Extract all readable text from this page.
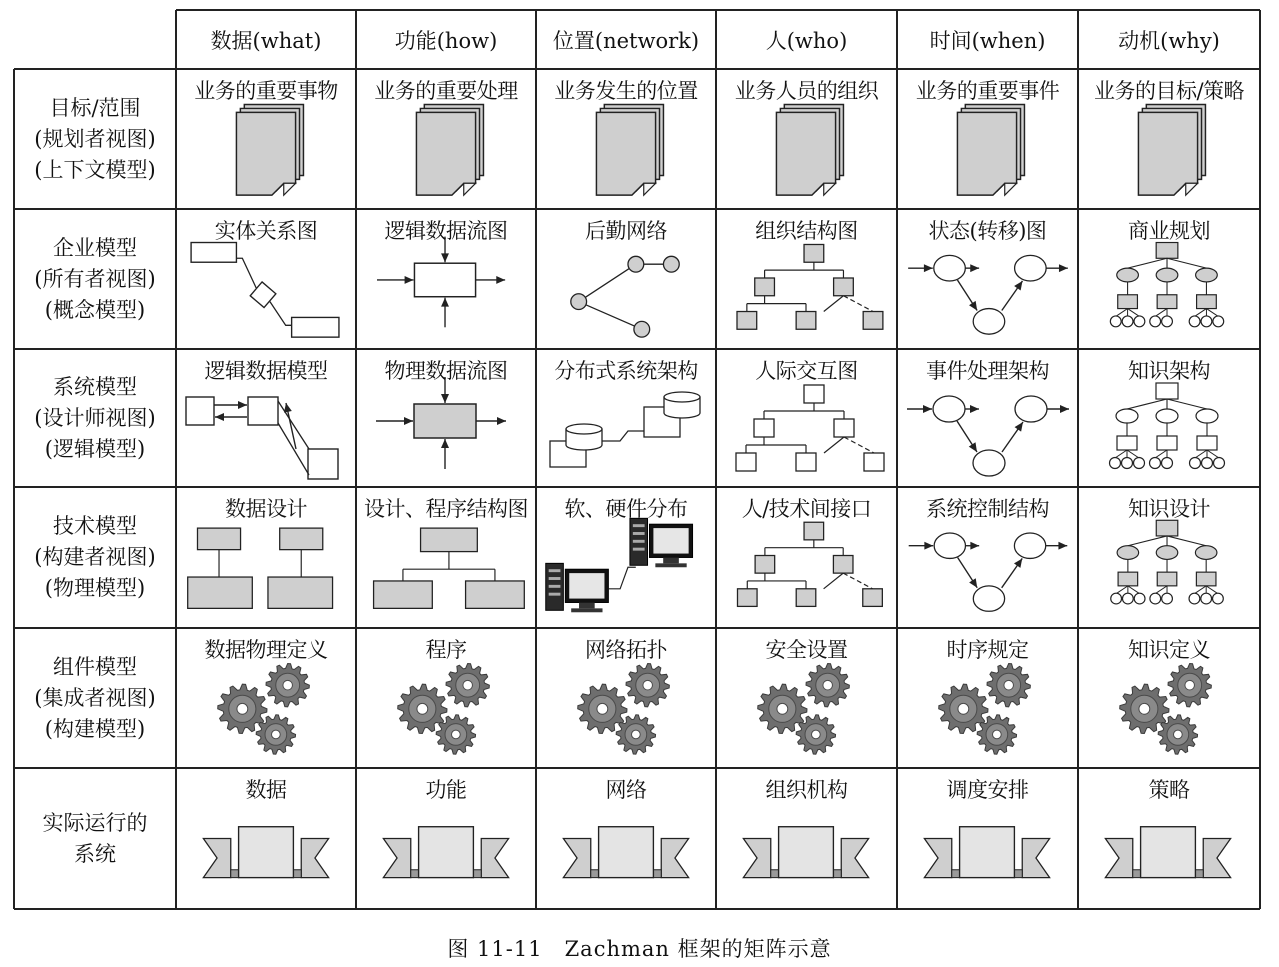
数据(what)	功能(how)	位置(network)	人(who)	时间(when)	动机(why)
目标/范围
(规划者视图)
(上下文模型)
业务的重要事物	业务的重要处理	业务发生的位置	业务人员的组织	业务的重要事件	业务的目标/策略
企业模型
(所有者视图)
(概念模型)
实体关系图	逻辑数据流图	后勤网络	组织结构图	状态(转移)图	商业规划
系统模型
(设计师视图)
(逻辑模型)
逻辑数据模型	物理数据流图	分布式系统架构	人际交互图	事件处理架构	知识架构
技术模型
(构建者视图)
(物理模型)
数据设计	设计、程序结构图	软、硬件分布	人/技术间接口	系统控制结构	知识设计
组件模型
(集成者视图)
(构建模型)
数据物理定义	程序	网络拓扑	安全设置	时序规定	知识定义
实际运行的
系统
数据	功能	网络	组织机构	调度安排	策略
图 11-11　Zachman 框架的矩阵示意
